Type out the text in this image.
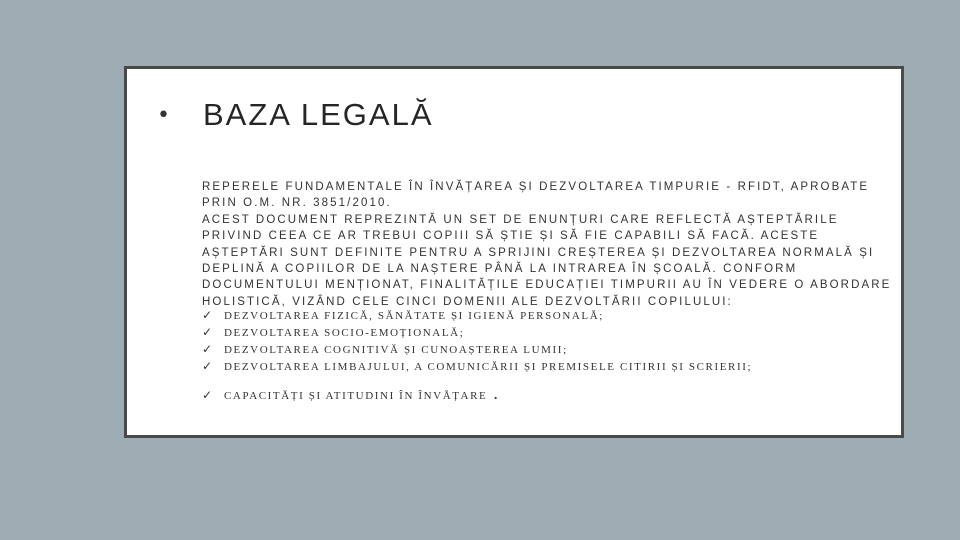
•	BAZA LEGALĂ

REPERELE FUNDAMENTALE ÎN ÎNVĂȚAREA ȘI DEZVOLTAREA TIMPURIE - RFIDT, APROBATE PRIN O.M. NR. 3851/2010.

ACEST DOCUMENT REPREZINTĂ UN SET DE ENUNȚURI CARE REFLECTĂ AȘTEPTĂRILE PRIVIND CEEA CE AR TREBUI COPIII SĂ ȘTIE ȘI SĂ FIE CAPABILI SĂ FACĂ. ACESTE AȘTEPTĂRI SUNT DEFINITE PENTRU A SPRIJINI CREȘTEREA ȘI DEZVOLTAREA NORMALĂ ȘI DEPLINĂ A COPIILOR DE LA NAȘTERE PÂNĂ LA INTRAREA ÎN ȘCOALĂ. CONFORM DOCUMENTULUI MENȚIONAT, FINALITĂȚILE EDUCAȚIEI TIMPURII AU ÎN VEDERE O ABORDARE HOLISTICĂ, VIZÂND CELE CINCI DOMENII ALE DEZVOLTĂRII COPILULUI:

✓ DEZVOLTAREA FIZICĂ, SĂNĂTATE ȘI IGIENĂ PERSONALĂ;
✓ DEZVOLTAREA SOCIO-EMOȚIONALĂ;
✓ DEZVOLTAREA COGNITIVĂ ȘI CUNOAȘTEREA LUMII;
✓ DEZVOLTAREA LIMBAJULUI, A COMUNICĂRII ȘI PREMISELE CITIRII ȘI SCRIERII;
✓ CAPACITĂȚI ȘI ATITUDINI ÎN ÎNVĂȚARE .
